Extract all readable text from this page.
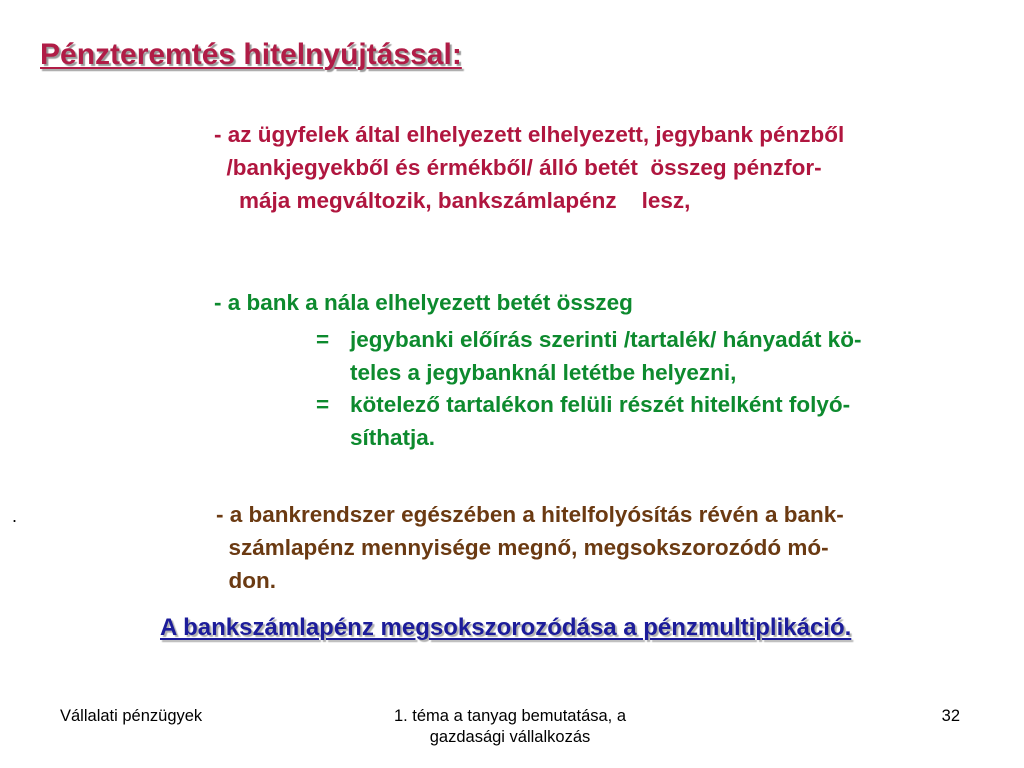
Pénzteremtés hitelnyújtással:
- az ügyfelek által elhelyezett elhelyezett, jegybank pénzből
/bankjegyekből és érmékből/ álló betét  összeg pénzfor-
mája megváltozik, bankszámlapénz    lesz,
- a bank a nála elhelyezett betét összeg
= jegybanki előírás szerinti /tartalék/ hányadát kö-
teles a jegybanknál letétbe helyezni,
= kötelező tartalékon felüli részét hitelként folyó-
síthatja.
.	- a bankrendszer egészében a hitelfolyósítás révén a bank-
számlapénz mennyisége megnő, megsokszorozódó mó-
don.
A bankszámlapénz megsokszorozódása a pénzmultiplikáció.
Vállalati pénzügyek	1. téma a tanyag bemutatása, a
gazdasági vállalkozás
32
